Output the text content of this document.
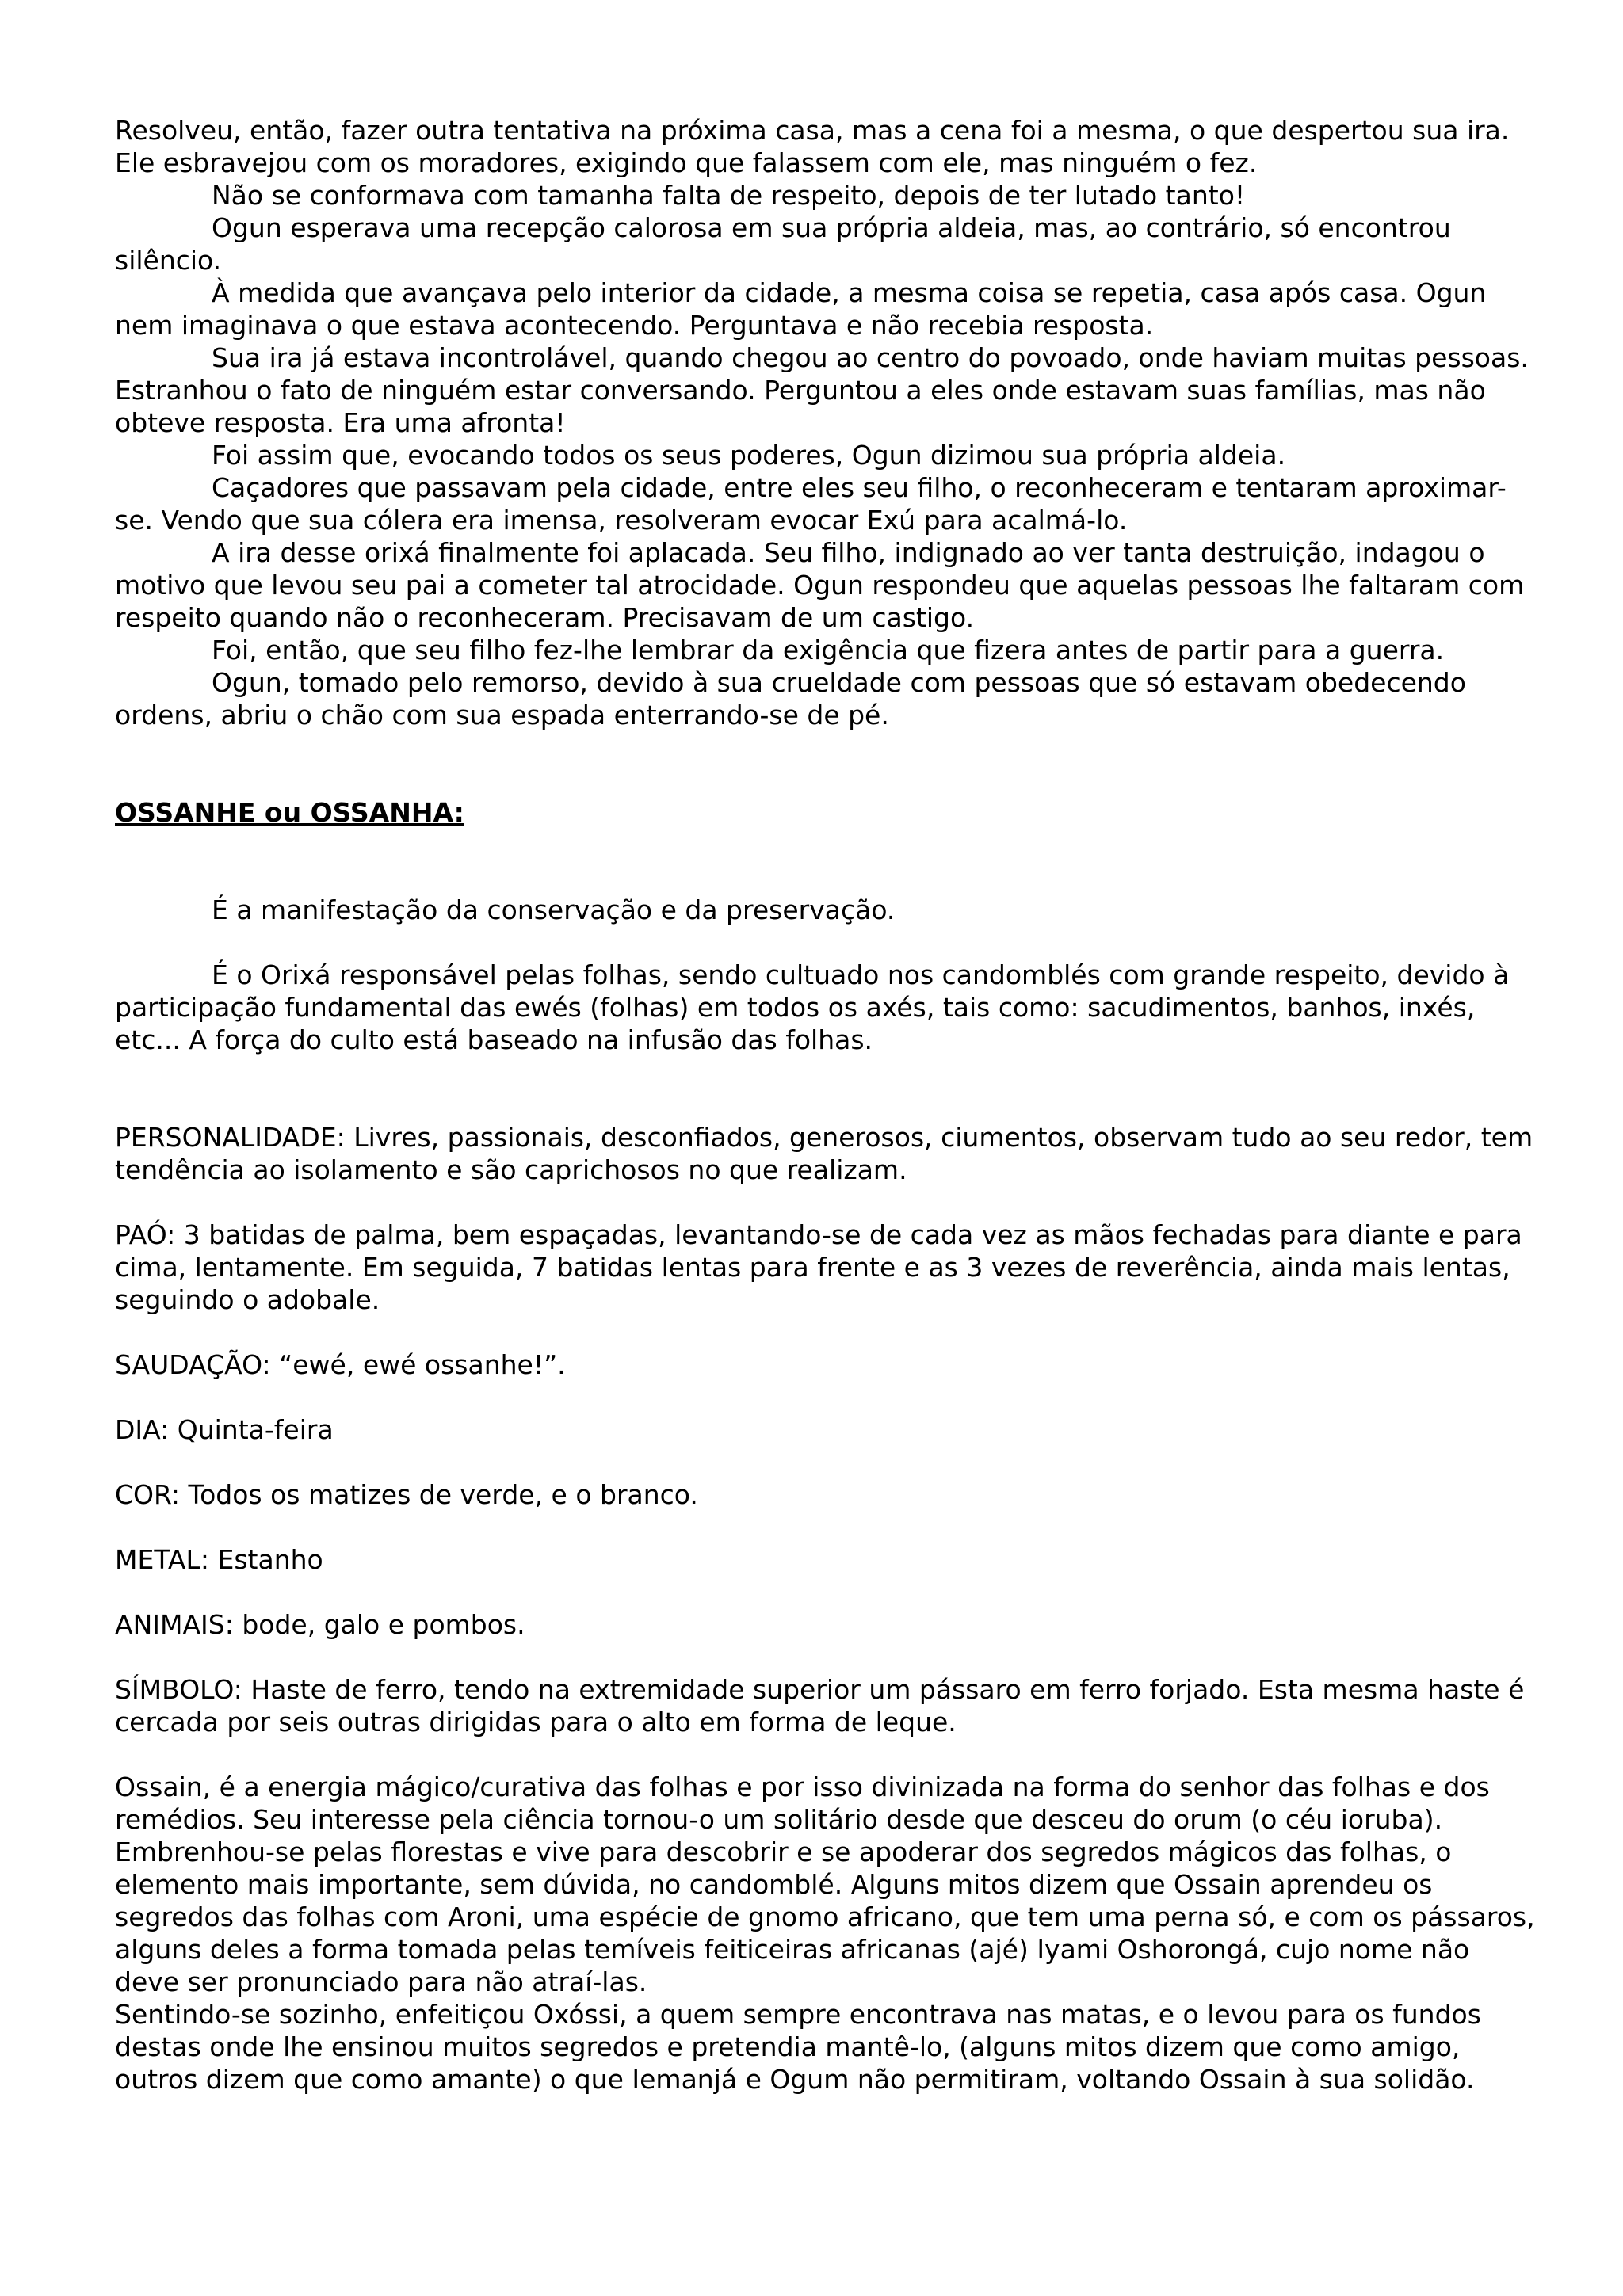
Resolveu, então, fazer outra tentativa na próxima casa, mas a cena foi a mesma, o que despertou sua ira. Ele esbravejou com os moradores, exigindo que falassem com ele, mas ninguém o fez.

Não se conformava com tamanha falta de respeito, depois de ter lutado tanto!

Ogun esperava uma recepção calorosa em sua própria aldeia, mas, ao contrário, só encontrou silêncio.

À medida que avançava pelo interior da cidade, a mesma coisa se repetia, casa após casa. Ogun nem imaginava o que estava acontecendo. Perguntava e não recebia resposta.

Sua ira já estava incontrolável, quando chegou ao centro do povoado, onde haviam muitas pessoas. Estranhou o fato de ninguém estar conversando. Perguntou a eles onde estavam suas famílias, mas não obteve resposta. Era uma afronta!

Foi assim que, evocando todos os seus poderes, Ogun dizimou sua própria aldeia.

Caçadores que passavam pela cidade, entre eles seu filho, o reconheceram e tentaram aproximar-se. Vendo que sua cólera era imensa, resolveram evocar Exú para acalmá-lo.

A ira desse orixá finalmente foi aplacada. Seu filho, indignado ao ver tanta destruição, indagou o motivo que levou seu pai a cometer tal atrocidade. Ogun respondeu que aquelas pessoas lhe faltaram com respeito quando não o reconheceram. Precisavam de um castigo.

Foi, então, que seu filho fez-lhe lembrar da exigência que fizera antes de partir para a guerra.

Ogun, tomado pelo remorso, devido à sua crueldade com pessoas que só estavam obedecendo ordens, abriu o chão com sua espada enterrando-se de pé.

OSSANHE ou OSSANHA:

É a manifestação da conservação e da preservação.

É o Orixá responsável pelas folhas, sendo cultuado nos candomblés com grande respeito, devido à participação fundamental das ewés (folhas) em todos os axés, tais como: sacudimentos, banhos, inxés, etc... A força do culto está baseado na infusão das folhas.

PERSONALIDADE: Livres, passionais, desconfiados, generosos, ciumentos, observam tudo ao seu redor, tem tendência ao isolamento e são caprichosos no que realizam.

PAÓ: 3 batidas de palma, bem espaçadas, levantando-se de cada vez as mãos fechadas para diante e para cima, lentamente. Em seguida, 7 batidas lentas para frente e as 3 vezes de reverência, ainda mais lentas, seguindo o adobale.

SAUDAÇÃO: “ewé, ewé ossanhe!”.

DIA: Quinta-feira

COR: Todos os matizes de verde, e o branco.

METAL: Estanho

ANIMAIS: bode, galo e pombos.

SÍMBOLO: Haste de ferro, tendo na extremidade superior um pássaro em ferro forjado. Esta mesma haste é cercada por seis outras dirigidas para o alto em forma de leque.

Ossain, é a energia mágico/curativa das folhas e por isso divinizada na forma do senhor das folhas e dos remédios. Seu interesse pela ciência tornou-o um solitário desde que desceu do orum (o céu ioruba). Embrenhou-se pelas florestas e vive para descobrir e se apoderar dos segredos mágicos das folhas, o elemento mais importante, sem dúvida, no candomblé. Alguns mitos dizem que Ossain aprendeu os segredos das folhas com Aroni, uma espécie de gnomo africano, que tem uma perna só, e com os pássaros, alguns deles a forma tomada pelas temíveis feiticeiras africanas (ajé) Iyami Oshorongá, cujo nome não deve ser pronunciado para não atraí-las.

Sentindo-se sozinho, enfeitiçou Oxóssi, a quem sempre encontrava nas matas, e o levou para os fundos destas onde lhe ensinou muitos segredos e pretendia mantê-lo, (alguns mitos dizem que como amigo, outros dizem que como amante) o que Iemanjá e Ogum não permitiram, voltando Ossain à sua solidão.
